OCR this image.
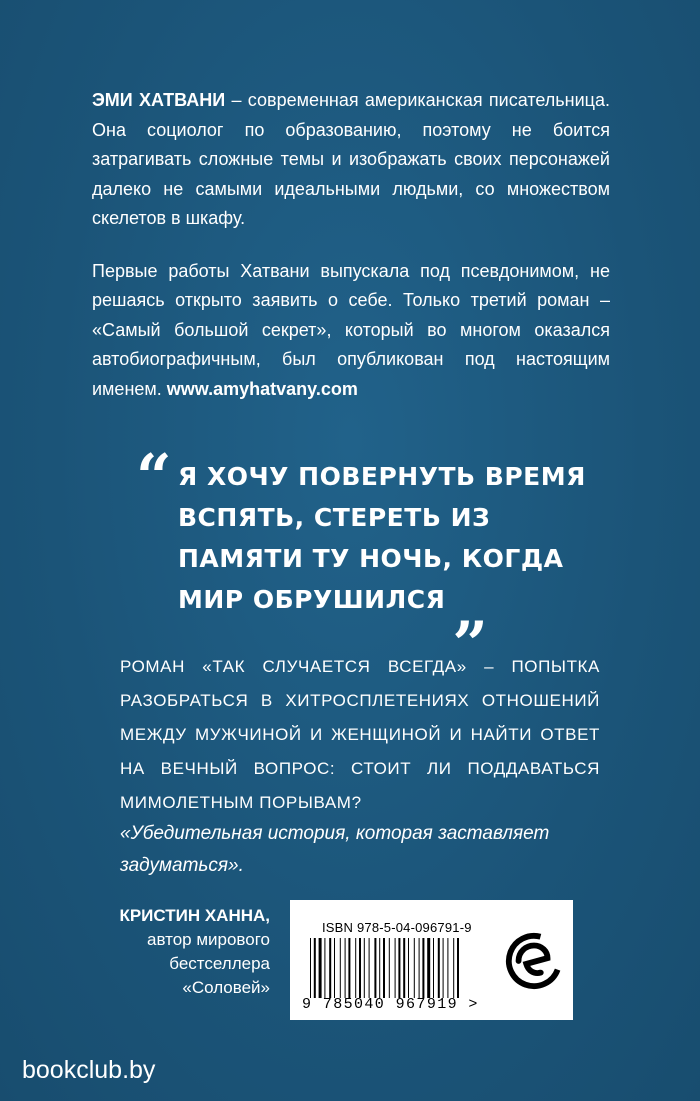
ЭМИ ХАТВАНИ – современная американская писательница. Она социолог по образованию, поэтому не боится затрагивать сложные темы и изображать своих персонажей далеко не самыми идеальными людьми, со множеством скелетов в шкафу.

Первые работы Хатвани выпускала под псевдонимом, не решаясь открыто заявить о себе. Только третий роман – «Самый большой секрет», который во многом оказался автобиографичным, был опубликован под настоящим именем. www.amyhatvany.com

“ Я ХОЧУ ПОВЕРНУТЬ ВРЕМЯ ВСПЯТЬ, СТЕРЕТЬ ИЗ ПАМЯТИ ТУ НОЧЬ, КОГДА МИР ОБРУШИЛСЯ „
РОМАН «ТАК СЛУЧАЕТСЯ ВСЕГДА» – ПОПЫТКА РАЗОБРАТЬСЯ В ХИТРОСПЛЕТЕНИЯХ ОТНОШЕНИЙ МЕЖДУ МУЖЧИНОЙ И ЖЕНЩИНОЙ И НАЙТИ ОТВЕТ НА ВЕЧНЫЙ ВОПРОС: СТОИТ ЛИ ПОДДАВАТЬСЯ МИМОЛЕТНЫМ ПОРЫВАМ?
«Убедительная история, которая заставляет задуматься».
КРИСТИН ХАННА,
автор мирового
бестселлера
«Соловей»
ISBN 978-5-04-096791-9
9 785040 967919 >
bookclub.by
